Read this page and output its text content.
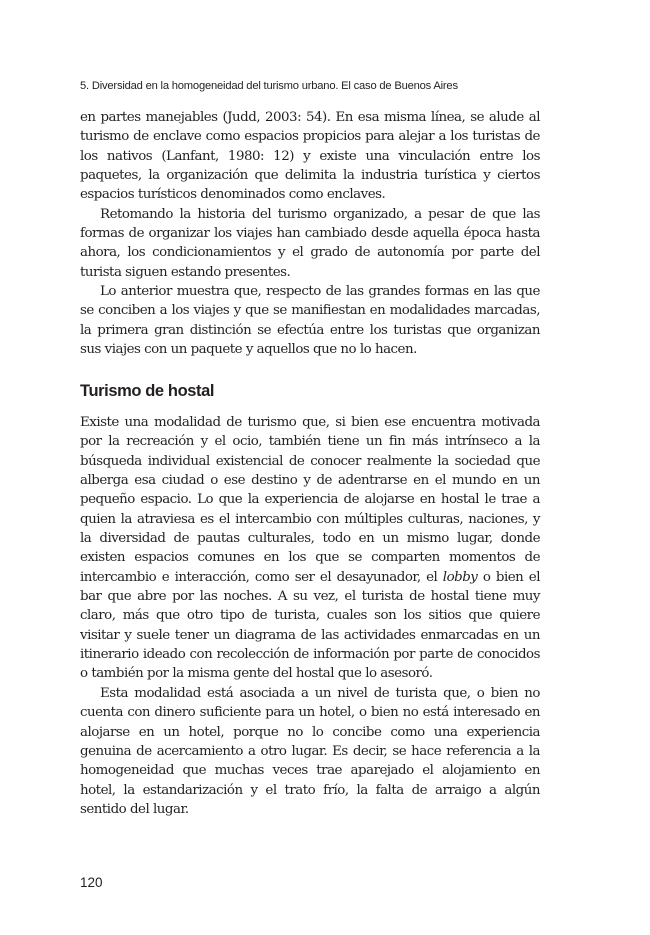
5. Diversidad en la homogeneidad del turismo urbano. El caso de Buenos Aires

en partes manejables (Judd, 2003: 54). En esa misma línea, se alude al turismo de enclave como espacios propicios para alejar a los turistas de los nativos (Lanfant, 1980: 12) y existe una vinculación entre los paquetes, la organización que delimita la industria turística y ciertos espacios turísticos denominados como enclaves.

Retomando la historia del turismo organizado, a pesar de que las formas de organizar los viajes han cambiado desde aquella época hasta ahora, los condicionamientos y el grado de autonomía por parte del turista siguen estando presentes.

Lo anterior muestra que, respecto de las grandes formas en las que se conciben a los viajes y que se manifiestan en modalidades marcadas, la primera gran distinción se efectúa entre los turistas que organizan sus viajes con un paquete y aquellos que no lo hacen.

Turismo de hostal

Existe una modalidad de turismo que, si bien ese encuentra motivada por la recreación y el ocio, también tiene un fin más intrínseco a la búsqueda individual existencial de conocer realmente la sociedad que alberga esa ciudad o ese destino y de adentrarse en el mundo en un pequeño espacio. Lo que la experiencia de alojarse en hostal le trae a quien la atraviesa es el intercambio con múltiples culturas, naciones, y la diversidad de pautas culturales, todo en un mismo lugar, donde existen espacios comunes en los que se comparten momentos de intercambio e interacción, como ser el desayunador, el lobby o bien el bar que abre por las noches. A su vez, el turista de hostal tiene muy claro, más que otro tipo de turista, cuales son los sitios que quiere visitar y suele tener un diagrama de las actividades enmarcadas en un itinerario ideado con recolección de información por parte de conocidos o también por la misma gente del hostal que lo asesoró.

Esta modalidad está asociada a un nivel de turista que, o bien no cuenta con dinero suficiente para un hotel, o bien no está interesado en alojarse en un hotel, porque no lo concibe como una experiencia genuina de acercamiento a otro lugar. Es decir, se hace referencia a la homogeneidad que muchas veces trae aparejado el alojamiento en hotel, la estandarización y el trato frío, la falta de arraigo a algún sentido del lugar.

120
